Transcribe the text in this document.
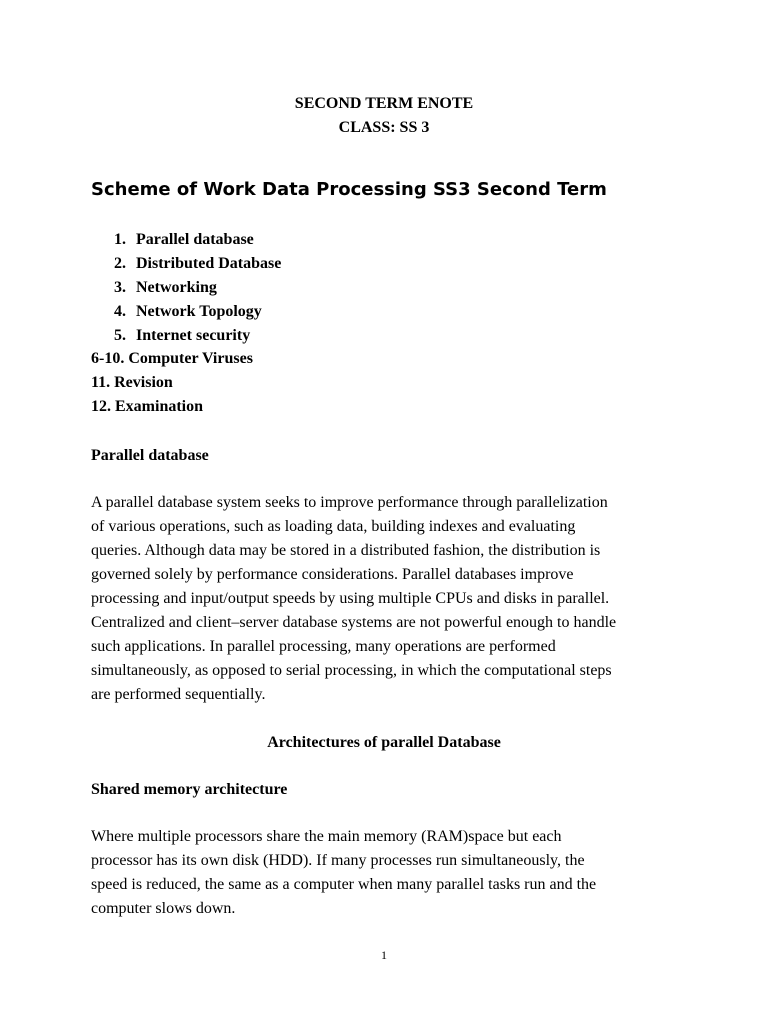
SECOND TERM ENOTE
CLASS: SS 3
Scheme of Work Data Processing SS3 Second Term
1. Parallel database
2. Distributed Database
3. Networking
4. Network Topology
5. Internet security
6-10. Computer Viruses
11. Revision
12. Examination
Parallel database
A parallel database system seeks to improve performance through parallelization
of various operations, such as loading data, building indexes and evaluating
queries. Although data may be stored in a distributed fashion, the distribution is
governed solely by performance considerations. Parallel databases improve
processing and input/output speeds by using multiple CPUs and disks in parallel.
Centralized and client–server database systems are not powerful enough to handle
such applications. In parallel processing, many operations are performed
simultaneously, as opposed to serial processing, in which the computational steps
are performed sequentially.
Architectures of parallel Database
Shared memory architecture
Where multiple processors share the main memory (RAM)space but each
processor has its own disk (HDD). If many processes run simultaneously, the
speed is reduced, the same as a computer when many parallel tasks run and the
computer slows down.
1
